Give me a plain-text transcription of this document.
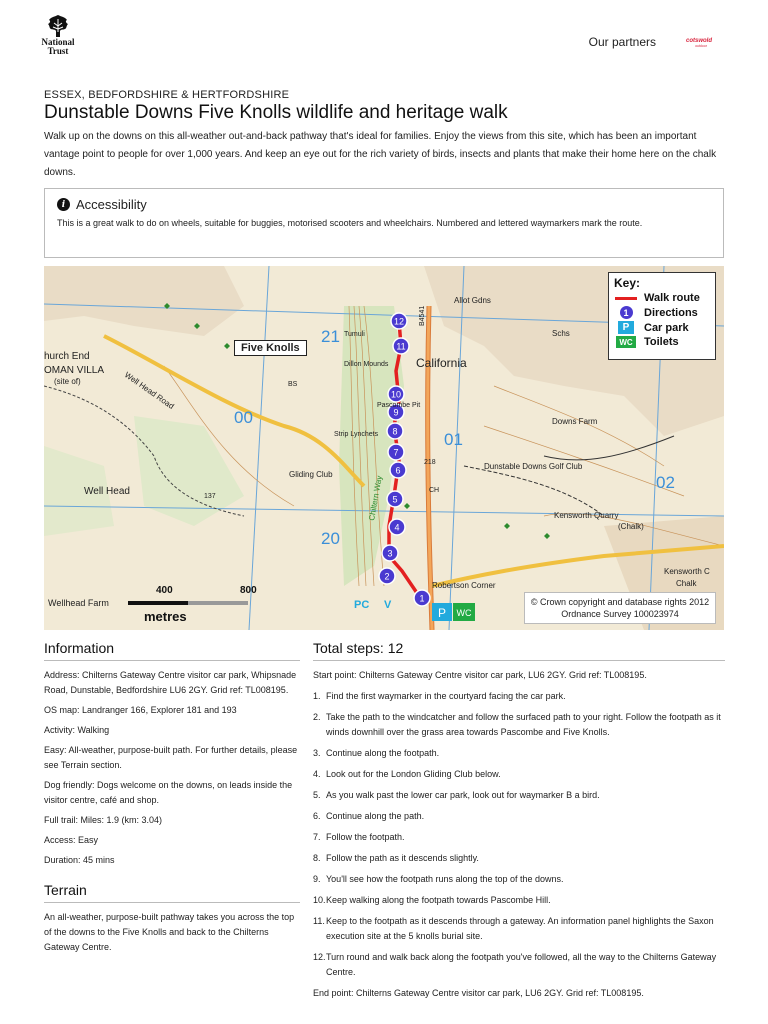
National
Trust
Our partners	cotswold
outdoor
ESSEX, BEDFORDSHIRE & HERTFORDSHIRE
Dunstable Downs Five Knolls wildlife and heritage walk

Walk up on the downs on this all-weather out-and-back pathway that's ideal for families. Enjoy the views from this site, which has been an important vantage point to people for over 1,000 years. And keep an eye out for the rich variety of birds, insects and plants that make their home here on the chalk downs.

i Accessibility
This is a great walk to do on wheels, suitable for buggies, motorised scooters and wheelchairs. Numbered and lettered waymarkers mark the route.
12
11
10
9
8
7
6
5
4
3
2
1
P WC
California
Allot Gdns
Downs Farm
Dunstable Downs Golf Club
Kensworth Quarry
(Chalk)
Gliding Club
Well Head
Wellhead Farm
Robertson Corner
Strip Lynchets
Chiltern Way
Pascombe Pit
hurch End
OMAN VILLA
(site of)	Well Head Road
Kensworth C
Dillon Mounds
Tumuli	Schs
Chalk
21
00
01
02
20
B4541
218
137
CH
BS
PC V
Five Knolls
Key:
Walk route
1	Directions
P	Car park
WC	Toilets
© Crown copyright and database rights 2012 Ordnance Survey 100023974
400	800
metres
Information

Address: Chilterns Gateway Centre visitor car park, Whipsnade Road, Dunstable, Bedfordshire LU6 2GY. Grid ref: TL008195.

OS map: Landranger 166, Explorer 181 and 193

Activity: Walking

Easy: All-weather, purpose-built path. For further details, please see Terrain section.

Dog friendly: Dogs welcome on the downs, on leads inside the visitor centre, café and shop.

Full trail: Miles: 1.9 (km: 3.04)

Access: Easy

Duration: 45 mins

Terrain
An all-weather, purpose-built pathway takes you across the top of the downs to the Five Knolls and back to the Chilterns Gateway Centre.
Total steps: 12
Start point: Chilterns Gateway Centre visitor car park, LU6 2GY. Grid ref: TL008195.
1. Find the first waymarker in the courtyard facing the car park.
2. Take the path to the windcatcher and follow the surfaced path to your right. Follow the footpath as it winds downhill over the grass area towards Pascombe and Five Knolls.
3. Continue along the footpath.
4. Look out for the London Gliding Club below.
5. As you walk past the lower car park, look out for waymarker B a bird.
6. Continue along the path.
7. Follow the footpath.
8. Follow the path as it descends slightly.
9. You'll see how the footpath runs along the top of the downs.
10. Keep walking along the footpath towards Pascombe Hill.
11. Keep to the footpath as it descends through a gateway. An information panel highlights the Saxon execution site at the 5 knolls burial site.
12. Turn round and walk back along the footpath you've followed, all the way to the Chilterns Gateway Centre.
End point: Chilterns Gateway Centre visitor car park, LU6 2GY. Grid ref: TL008195.
